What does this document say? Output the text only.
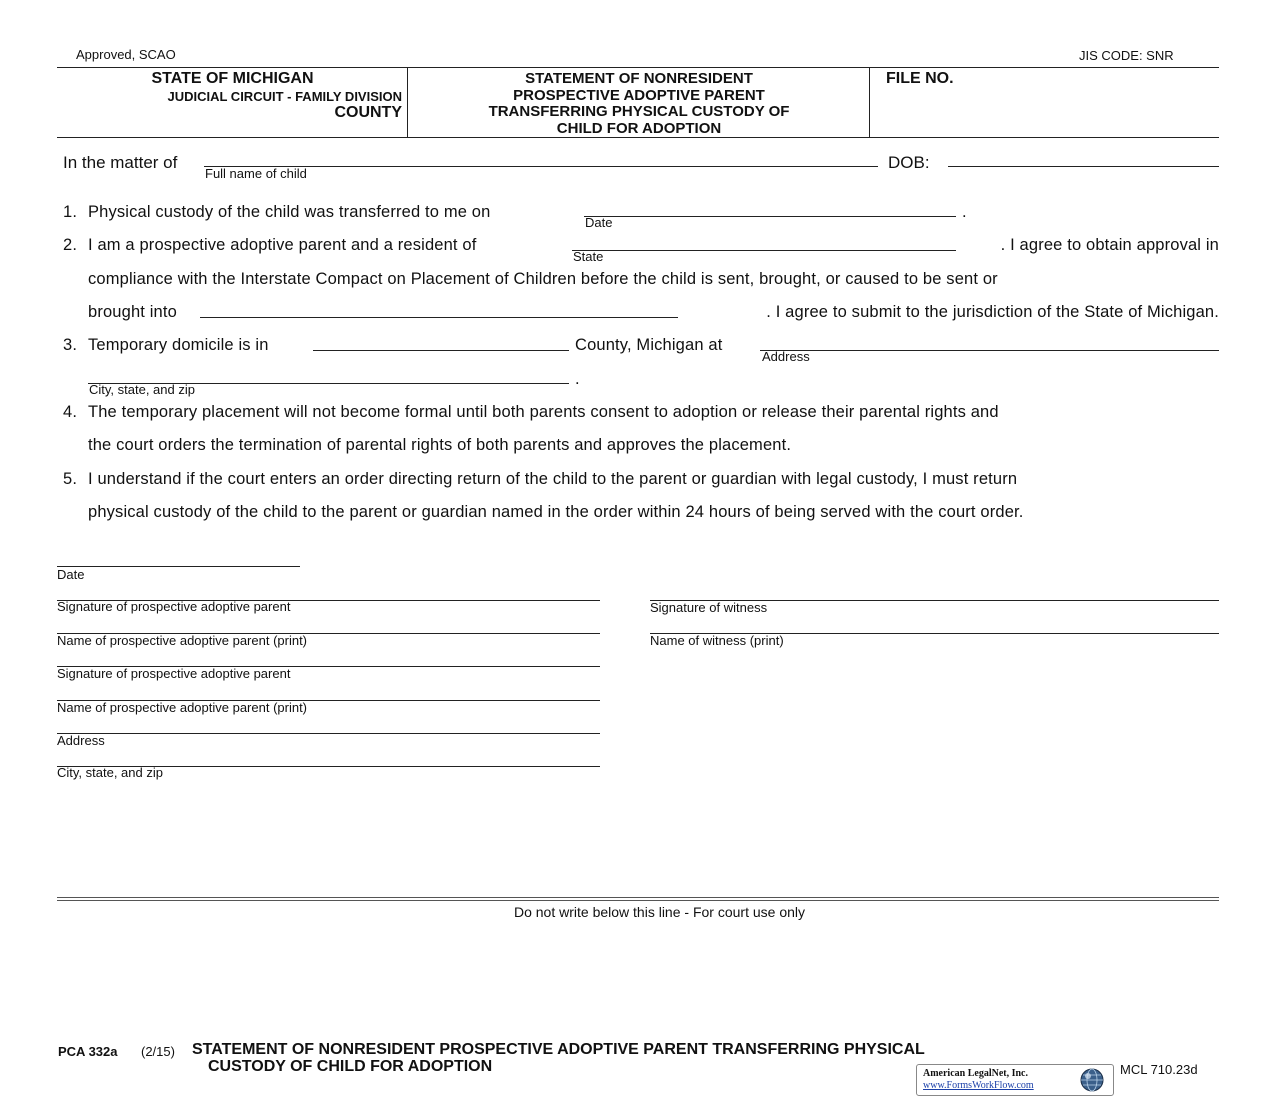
Approved, SCAO	JIS CODE: SNR
STATE OF MICHIGAN
JUDICIAL CIRCUIT - FAMILY DIVISION
COUNTY
STATEMENT OF NONRESIDENT
PROSPECTIVE ADOPTIVE PARENT
TRANSFERRING PHYSICAL CUSTODY OF
CHILD FOR ADOPTION
FILE NO.
In the matter of
Full name of child
DOB:
1. Physical custody of the child was transferred to me on
Date
.
2. I am a prospective adoptive parent and a resident of
State
. I agree to obtain approval in
compliance with the Interstate Compact on Placement of Children before the child is sent, brought, or caused to be sent or
brought into	. I agree to submit to the jurisdiction of the State of Michigan.
3. Temporary domicile is in	County, Michigan at
Address
City, state, and zip
.
4. The temporary placement will not become formal until both parents consent to adoption or release their parental rights and
the court orders the termination of parental rights of both parents and approves the placement.
5. I understand if the court enters an order directing return of the child to the parent or guardian with legal custody, I must return
physical custody of the child to the parent or guardian named in the order within 24 hours of being served with the court order.
Date
Signature of prospective adoptive parent
Name of prospective adoptive parent (print)
Signature of prospective adoptive parent
Name of prospective adoptive parent (print)
Address
City, state, and zip
Signature of witness
Name of witness (print)
Do not write below this line - For court use only
PCA 332a (2/15) STATEMENT OF NONRESIDENT PROSPECTIVE ADOPTIVE PARENT TRANSFERRING PHYSICAL
CUSTODY OF CHILD FOR ADOPTION	MCL 710.23d
American LegalNet, Inc.
www.FormsWorkFlow.com
